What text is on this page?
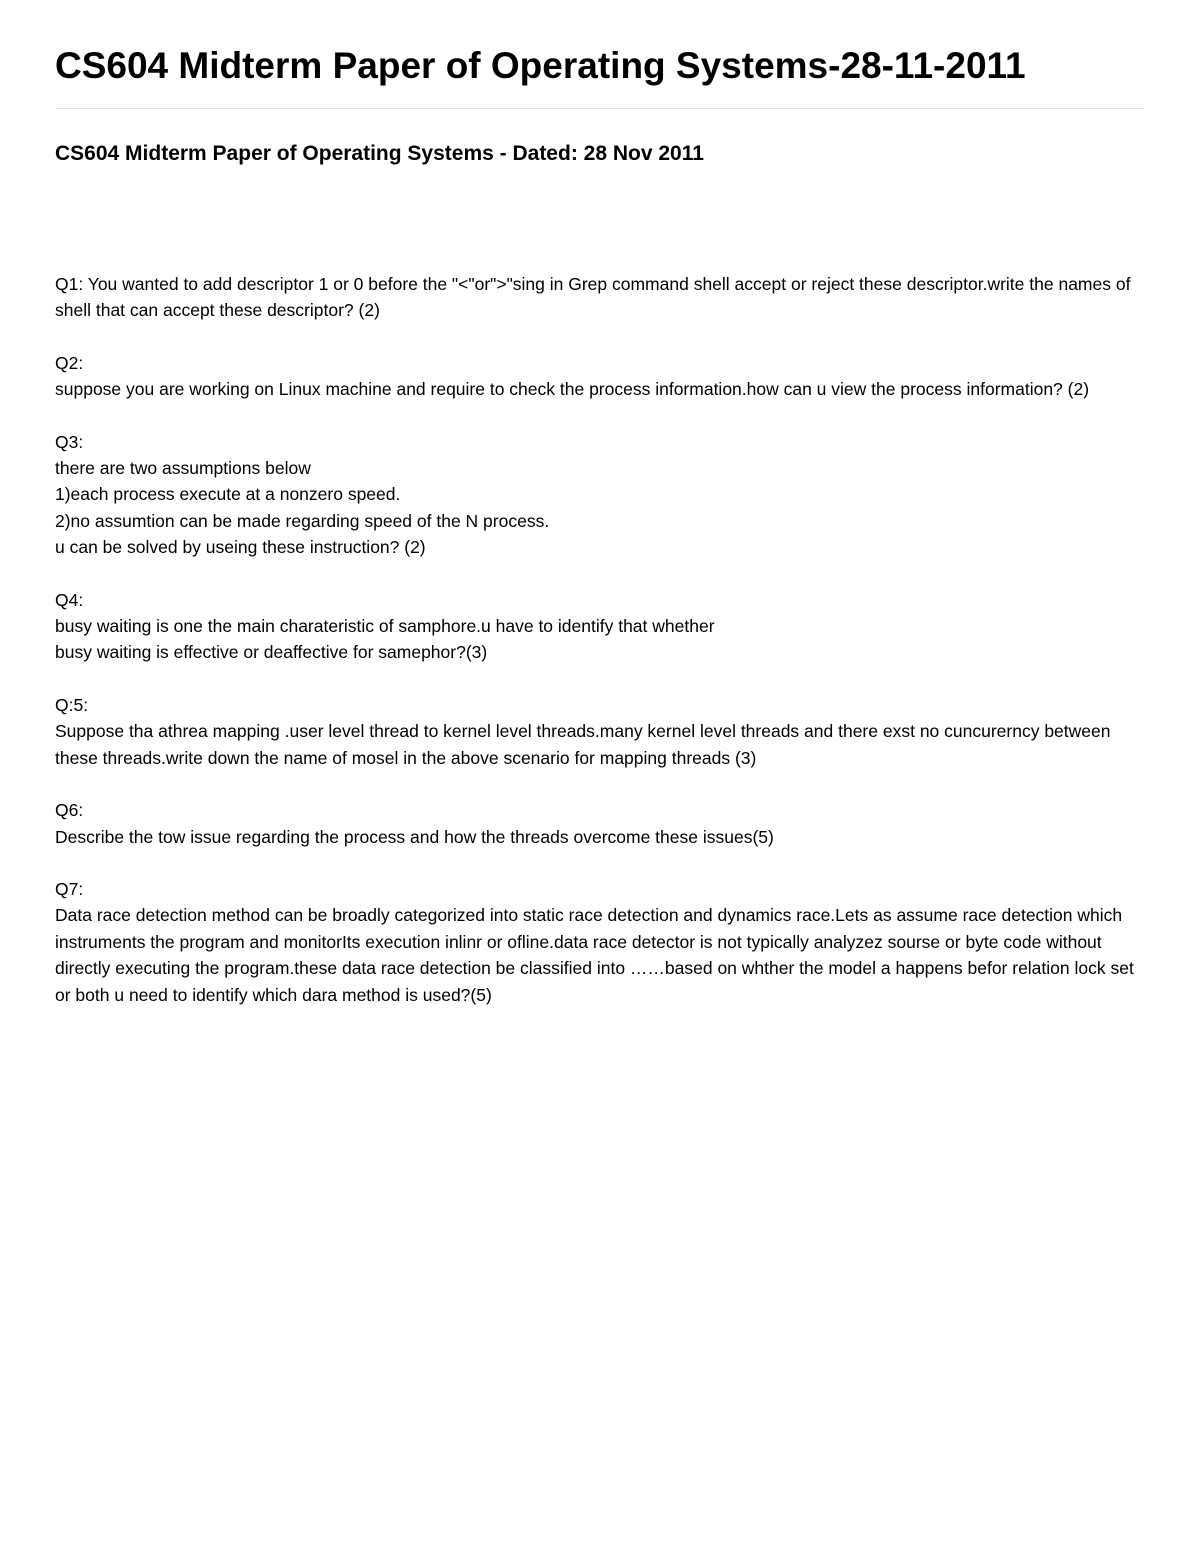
CS604 Midterm Paper of Operating Systems-28-11-2011
CS604 Midterm Paper of Operating Systems - Dated: 28 Nov 2011

Q1: You wanted to add descriptor 1 or 0 before the "<"or">"sing in Grep command shell accept or reject these descriptor.write the names of shell that can accept these descriptor? (2)

Q2:

suppose you are working on Linux machine and require to check the process information.how can u view the process information? (2)

Q3:

there are two assumptions below

1)each process execute at a nonzero speed.

2)no assumtion can be made regarding speed of the N process.

u can be solved by useing these instruction? (2)

Q4:

busy waiting is one the main charateristic of samphore.u have to identify that whether

busy waiting is effective or deaffective for samephor?(3)

Q:5:

Suppose tha athrea mapping .user level thread to kernel level threads.many kernel level threads and there exst no cuncurerncy between these threads.write down the name of mosel in the above scenario for mapping threads (3)

Q6:

Describe the tow issue regarding the process and how the threads overcome these issues(5)

Q7:

Data race detection method can be broadly categorized into static race detection and dynamics race.Lets as assume race detection which instruments the program and monitorIts execution inlinr or ofline.data race detector is not typically analyzez sourse or byte code without directly executing the program.these data race detection be classified into ……based on whther the model a happens befor relation lock set or both u need to identify which dara method is used?(5)
